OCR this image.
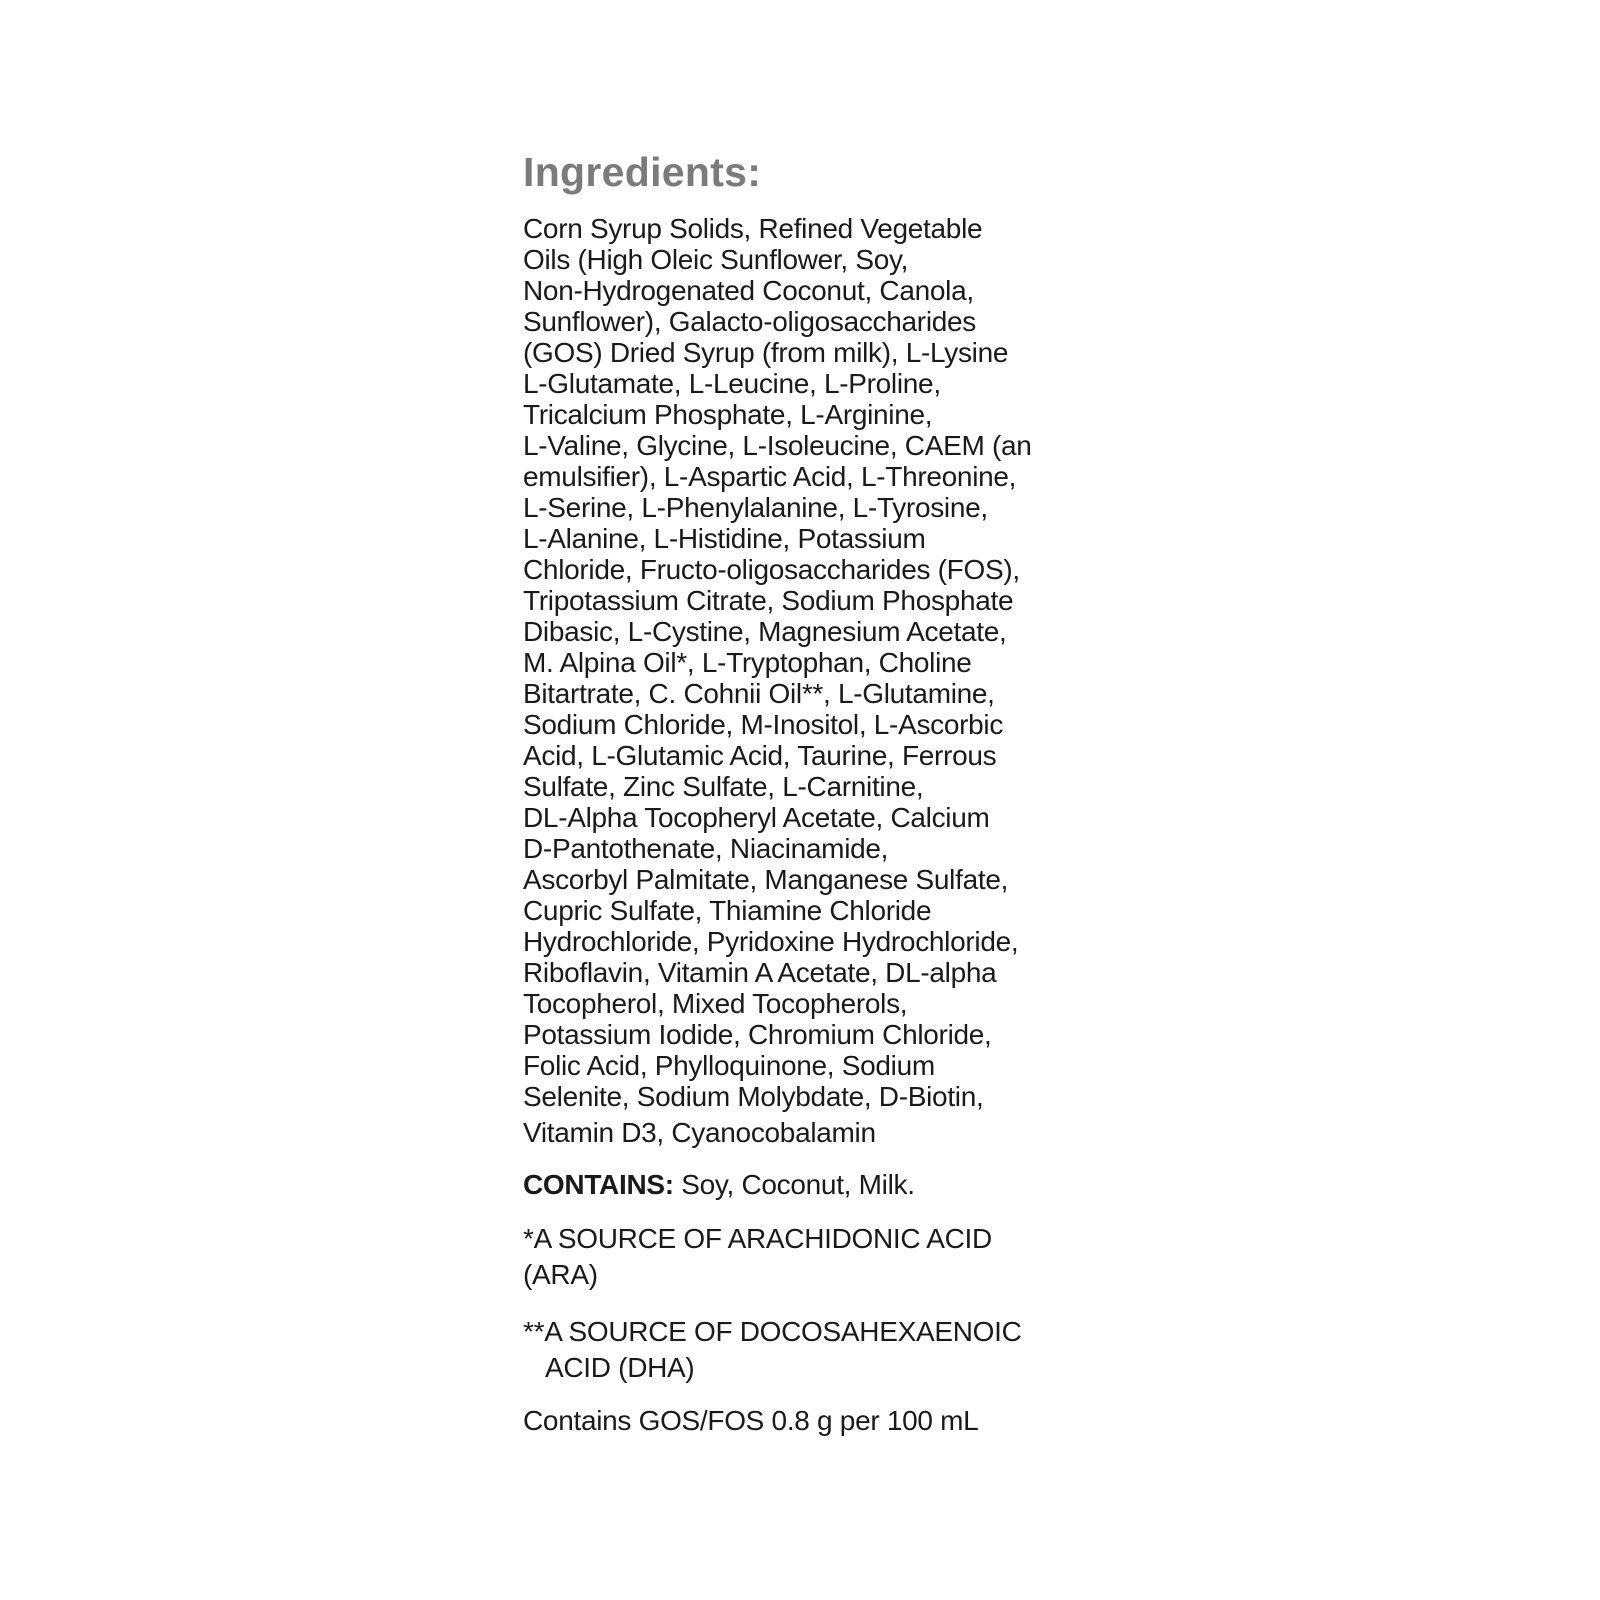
Ingredients:
Corn Syrup Solids, Refined Vegetable
Oils (High Oleic Sunflower, Soy,
Non-Hydrogenated Coconut, Canola,
Sunflower), Galacto-oligosaccharides
(GOS) Dried Syrup (from milk), L-Lysine
L-Glutamate, L-Leucine, L-Proline,
Tricalcium Phosphate, L-Arginine,
L-Valine, Glycine, L-Isoleucine, CAEM (an
emulsifier), L-Aspartic Acid, L-Threonine,
L-Serine, L-Phenylalanine, L-Tyrosine,
L-Alanine, L-Histidine, Potassium
Chloride, Fructo-oligosaccharides (FOS),
Tripotassium Citrate, Sodium Phosphate
Dibasic, L-Cystine, Magnesium Acetate,
M. Alpina Oil*, L-Tryptophan, Choline
Bitartrate, C. Cohnii Oil**, L-Glutamine,
Sodium Chloride, M-Inositol, L-Ascorbic
Acid, L-Glutamic Acid, Taurine, Ferrous
Sulfate, Zinc Sulfate, L-Carnitine,
DL-Alpha Tocopheryl Acetate, Calcium
D-Pantothenate, Niacinamide,
Ascorbyl Palmitate, Manganese Sulfate,
Cupric Sulfate, Thiamine Chloride
Hydrochloride, Pyridoxine Hydrochloride,
Riboflavin, Vitamin A Acetate, DL-alpha
Tocopherol, Mixed Tocopherols,
Potassium Iodide, Chromium Chloride,
Folic Acid, Phylloquinone, Sodium
Selenite, Sodium Molybdate, D-Biotin,
Vitamin D3, Cyanocobalamin
CONTAINS: Soy, Coconut, Milk.
*A SOURCE OF ARACHIDONIC ACID
(ARA)
**A SOURCE OF DOCOSAHEXAENOIC
ACID (DHA)
Contains GOS/FOS 0.8 g per 100 mL
